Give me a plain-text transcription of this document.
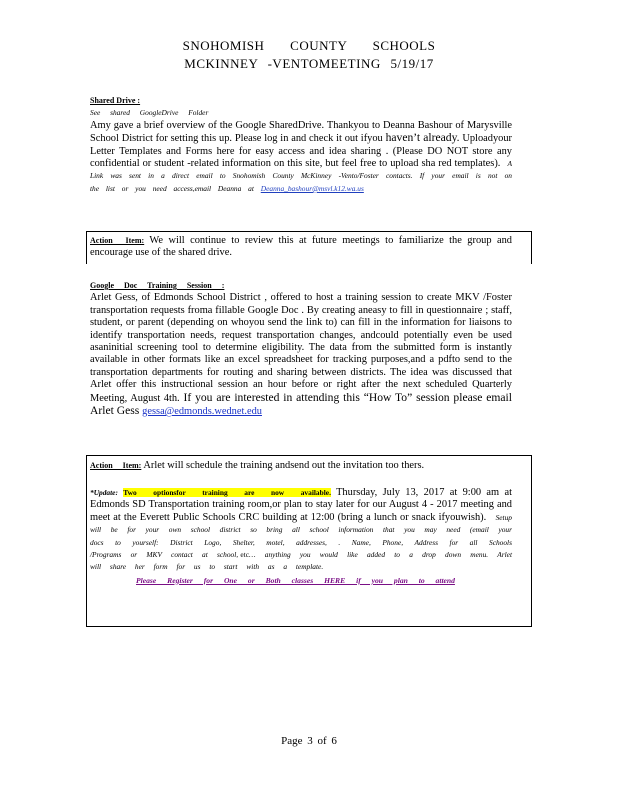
SNOHOMISH COUNTY SCHOOLS
MCKINNEY -VENTOMEETING 5/19/17
Shared Drive :
See shared GoogleDrive Folder
Amy gave a brief overview of the Google SharedDrive. Thankyou to Deanna Bashour of Marysville School District for setting this up. Please log in and check it out ifyou haven’t already. Uploadyour Letter Templates and Forms here for easy access and idea sharing . (Please DO NOT store any confidential or student -related information on this site, but feel free to upload sha red templates). A Link was sent in a direct email to Snohomish County McKinney -Vento/Foster contacts. If your email is not on the list or you need access,email Deanna at Deanna_bashour@msvl.k12.wa.us
Action Item: We will continue to review this at future meetings to familiarize the group and encourage use of the shared drive.
Google Doc Training Session :
Arlet Gess, of Edmonds School District , offered to host a training session to create MKV /Foster transportation requests froma fillable Google Doc . By creating aneasy to fill in questionnaire ; staff, student, or parent (depending on whoyou send the link to) can fill in the information for liaisons to identify transportation needs, request transportation changes, andcould potentially even be used asaninitial screening tool to determine eligibility. The data from the submitted form is instantly available in other formats like an excel spreadsheet for tracking purposes,and a pdfto send to the transportation departments for routing and sharing between districts. The idea was discussed that Arlet offer this instructional session an hour before or right after the next scheduled Quarterly Meeting, August 4th. If you are interested in attending this “How To” session please email Arlet Gess gessa@edmonds.wednet.edu
Action Item: Arlet will schedule the training andsend out the invitation too thers.
*Update: Two optionsfor training are now available. Thursday, July 13, 2017 at 9:00 am at Edmonds SD Transportation training room,or plan to stay later for our August 4 - 2017 meeting and meet at the Everett Public Schools CRC building at 12:00 (bring a lunch or snack ifyouwish). Setup will be for your own school district so bring all school information that you may need (email your docs to yourself: District Logo, Shelter, motel, addresses, . Name, Phone, Address for all Schools /Programs or MKV contact at school, etc… anything you would like added to a drop down menu. Arlet will share her form for us to start with as a template.
Please Register for One or Both classes HERE if you plan to attend
Page 3 of 6
